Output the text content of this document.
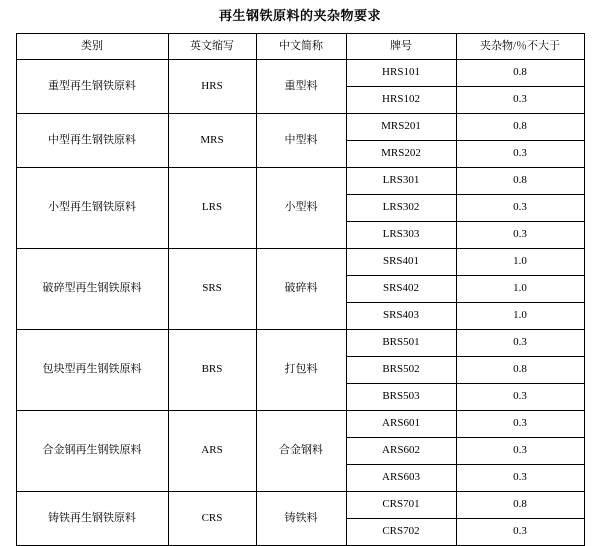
再生钢铁原料的夹杂物要求
类别	英文缩写	中文简称	牌号	夹杂物/％不大于
重型再生钢铁原料	HRS	重型料	HRS101	0.8
			HRS102	0.3
中型再生钢铁原料	MRS	中型料	MRS201	0.8
			MRS202	0.3
小型再生钢铁原料	LRS	小型料	LRS301	0.8
			LRS302	0.3
			LRS303	0.3
破碎型再生钢铁原料	SRS	破碎料	SRS401	1.0
			SRS402	1.0
			SRS403	1.0
包块型再生钢铁原料	BRS	打包料	BRS501	0.3
			BRS502	0.8
			BRS503	0.3
合金钢再生钢铁原料	ARS	合金钢料	ARS601	0.3
			ARS602	0.3
			ARS603	0.3
铸铁再生钢铁原料	CRS	铸铁料	CRS701	0.8
			CRS702	0.3
